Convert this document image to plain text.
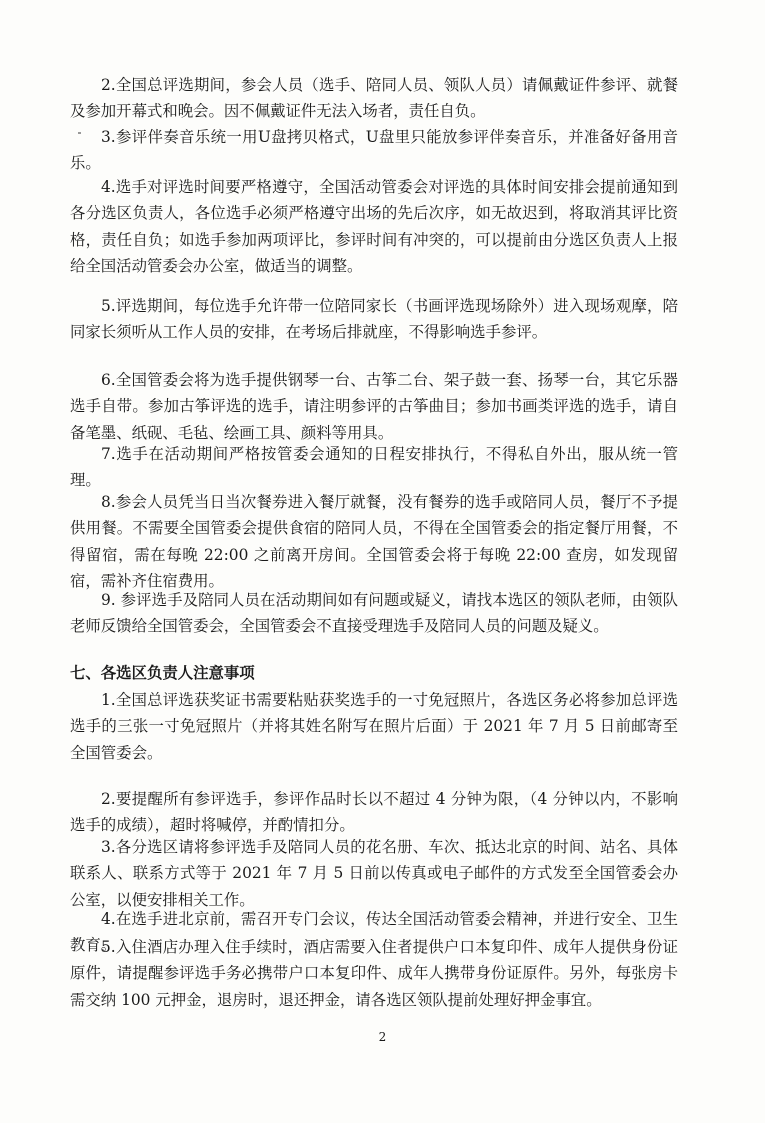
2.全国总评选期间，参会人员（选手、陪同人员、领队人员）请佩戴证件参评、就餐及参加开幕式和晚会。因不佩戴证件无法入场者，责任自负。

3.参评伴奏音乐统一用U盘拷贝格式，U盘里只能放参评伴奏音乐，并准备好备用音乐。

4.选手对评选时间要严格遵守，全国活动管委会对评选的具体时间安排会提前通知到各分选区负责人，各位选手必须严格遵守出场的先后次序，如无故迟到，将取消其评比资格，责任自负；如选手参加两项评比，参评时间有冲突的，可以提前由分选区负责人上报给全国活动管委会办公室，做适当的调整。

5.评选期间，每位选手允许带一位陪同家长（书画评选现场除外）进入现场观摩，陪同家长须听从工作人员的安排，在考场后排就座，不得影响选手参评。

6.全国管委会将为选手提供钢琴一台、古筝二台、架子鼓一套、扬琴一台，其它乐器选手自带。参加古筝评选的选手，请注明参评的古筝曲目；参加书画类评选的选手，请自备笔墨、纸砚、毛毡、绘画工具、颜料等用具。

7.选手在活动期间严格按管委会通知的日程安排执行，不得私自外出，服从统一管理。

8.参会人员凭当日当次餐券进入餐厅就餐，没有餐券的选手或陪同人员，餐厅不予提供用餐。不需要全国管委会提供食宿的陪同人员，不得在全国管委会的指定餐厅用餐，不得留宿，需在每晚 22:00 之前离开房间。全国管委会将于每晚 22:00 查房，如发现留宿，需补齐住宿费用。

9. 参评选手及陪同人员在活动期间如有问题或疑义，请找本选区的领队老师，由领队老师反馈给全国管委会，全国管委会不直接受理选手及陪同人员的问题及疑义。

七、各选区负责人注意事项

1.全国总评选获奖证书需要粘贴获奖选手的一寸免冠照片，各选区务必将参加总评选选手的三张一寸免冠照片（并将其姓名附写在照片后面）于 2021 年 7 月 5 日前邮寄至全国管委会。

2.要提醒所有参评选手，参评作品时长以不超过 4 分钟为限，（4 分钟以内，不影响选手的成绩），超时将喊停，并酌情扣分。

3.各分选区请将参评选手及陪同人员的花名册、车次、抵达北京的时间、站名、具体联系人、联系方式等于 2021 年 7 月 5 日前以传真或电子邮件的方式发至全国管委会办公室，以便安排相关工作。

4.在选手进北京前，需召开专门会议，传达全国活动管委会精神，并进行安全、卫生教育。

5.入住酒店办理入住手续时，酒店需要入住者提供户口本复印件、成年人提供身份证原件，请提醒参评选手务必携带户口本复印件、成年人携带身份证原件。另外，每张房卡需交纳 100 元押金，退房时，退还押金，请各选区领队提前处理好押金事宜。

2
